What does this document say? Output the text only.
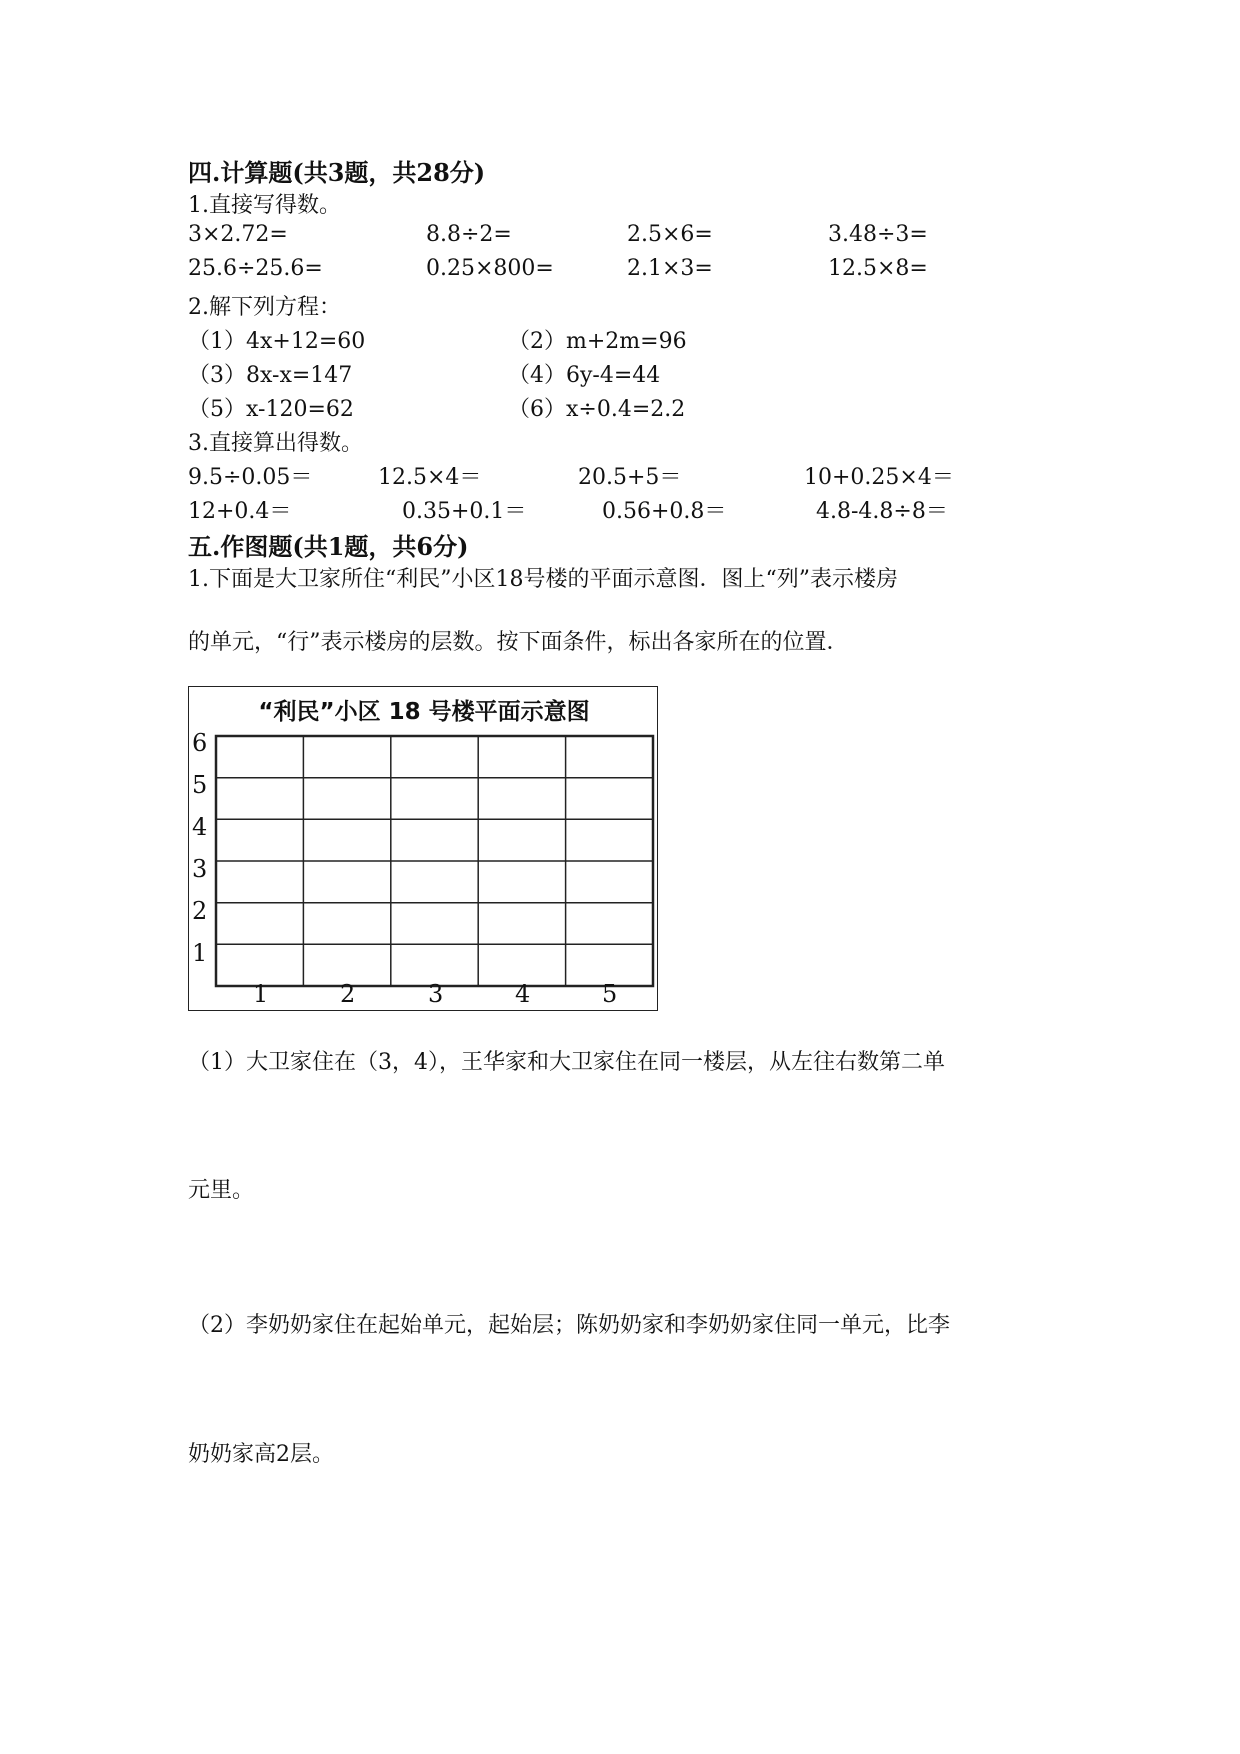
四.计算题(共3题，共28分)
1.直接写得数。
3×2.72=	8.8÷2=	2.5×6=	3.48÷3=
25.6÷25.6=	0.25×800=	2.1×3=	12.5×8=
2.解下列方程：
（1）4x+12=60	（2）m+2m=96
（3）8x-x=147	（4）6y-4=44
（5）x-120=62	（6）x÷0.4=2.2
3.直接算出得数。
9.5÷0.05＝	12.5×4＝	20.5+5＝	10+0.25×4＝
12+0.4＝	0.35+0.1＝	0.56+0.8＝	4.8-4.8÷8＝
五.作图题(共1题，共6分)
1.下面是大卫家所住“利民”小区18号楼的平面示意图．图上“列”表示楼房
的单元，“行”表示楼房的层数。按下面条件，标出各家所在的位置．
“利民”小区 18 号楼平面示意图
6
5
4
3
2
1
1	2	3	4	5
（1）大卫家住在（3，4），王华家和大卫家住在同一楼层，从左往右数第二单
元里。
（2）李奶奶家住在起始单元，起始层；陈奶奶家和李奶奶家住同一单元，比李
奶奶家高2层。
